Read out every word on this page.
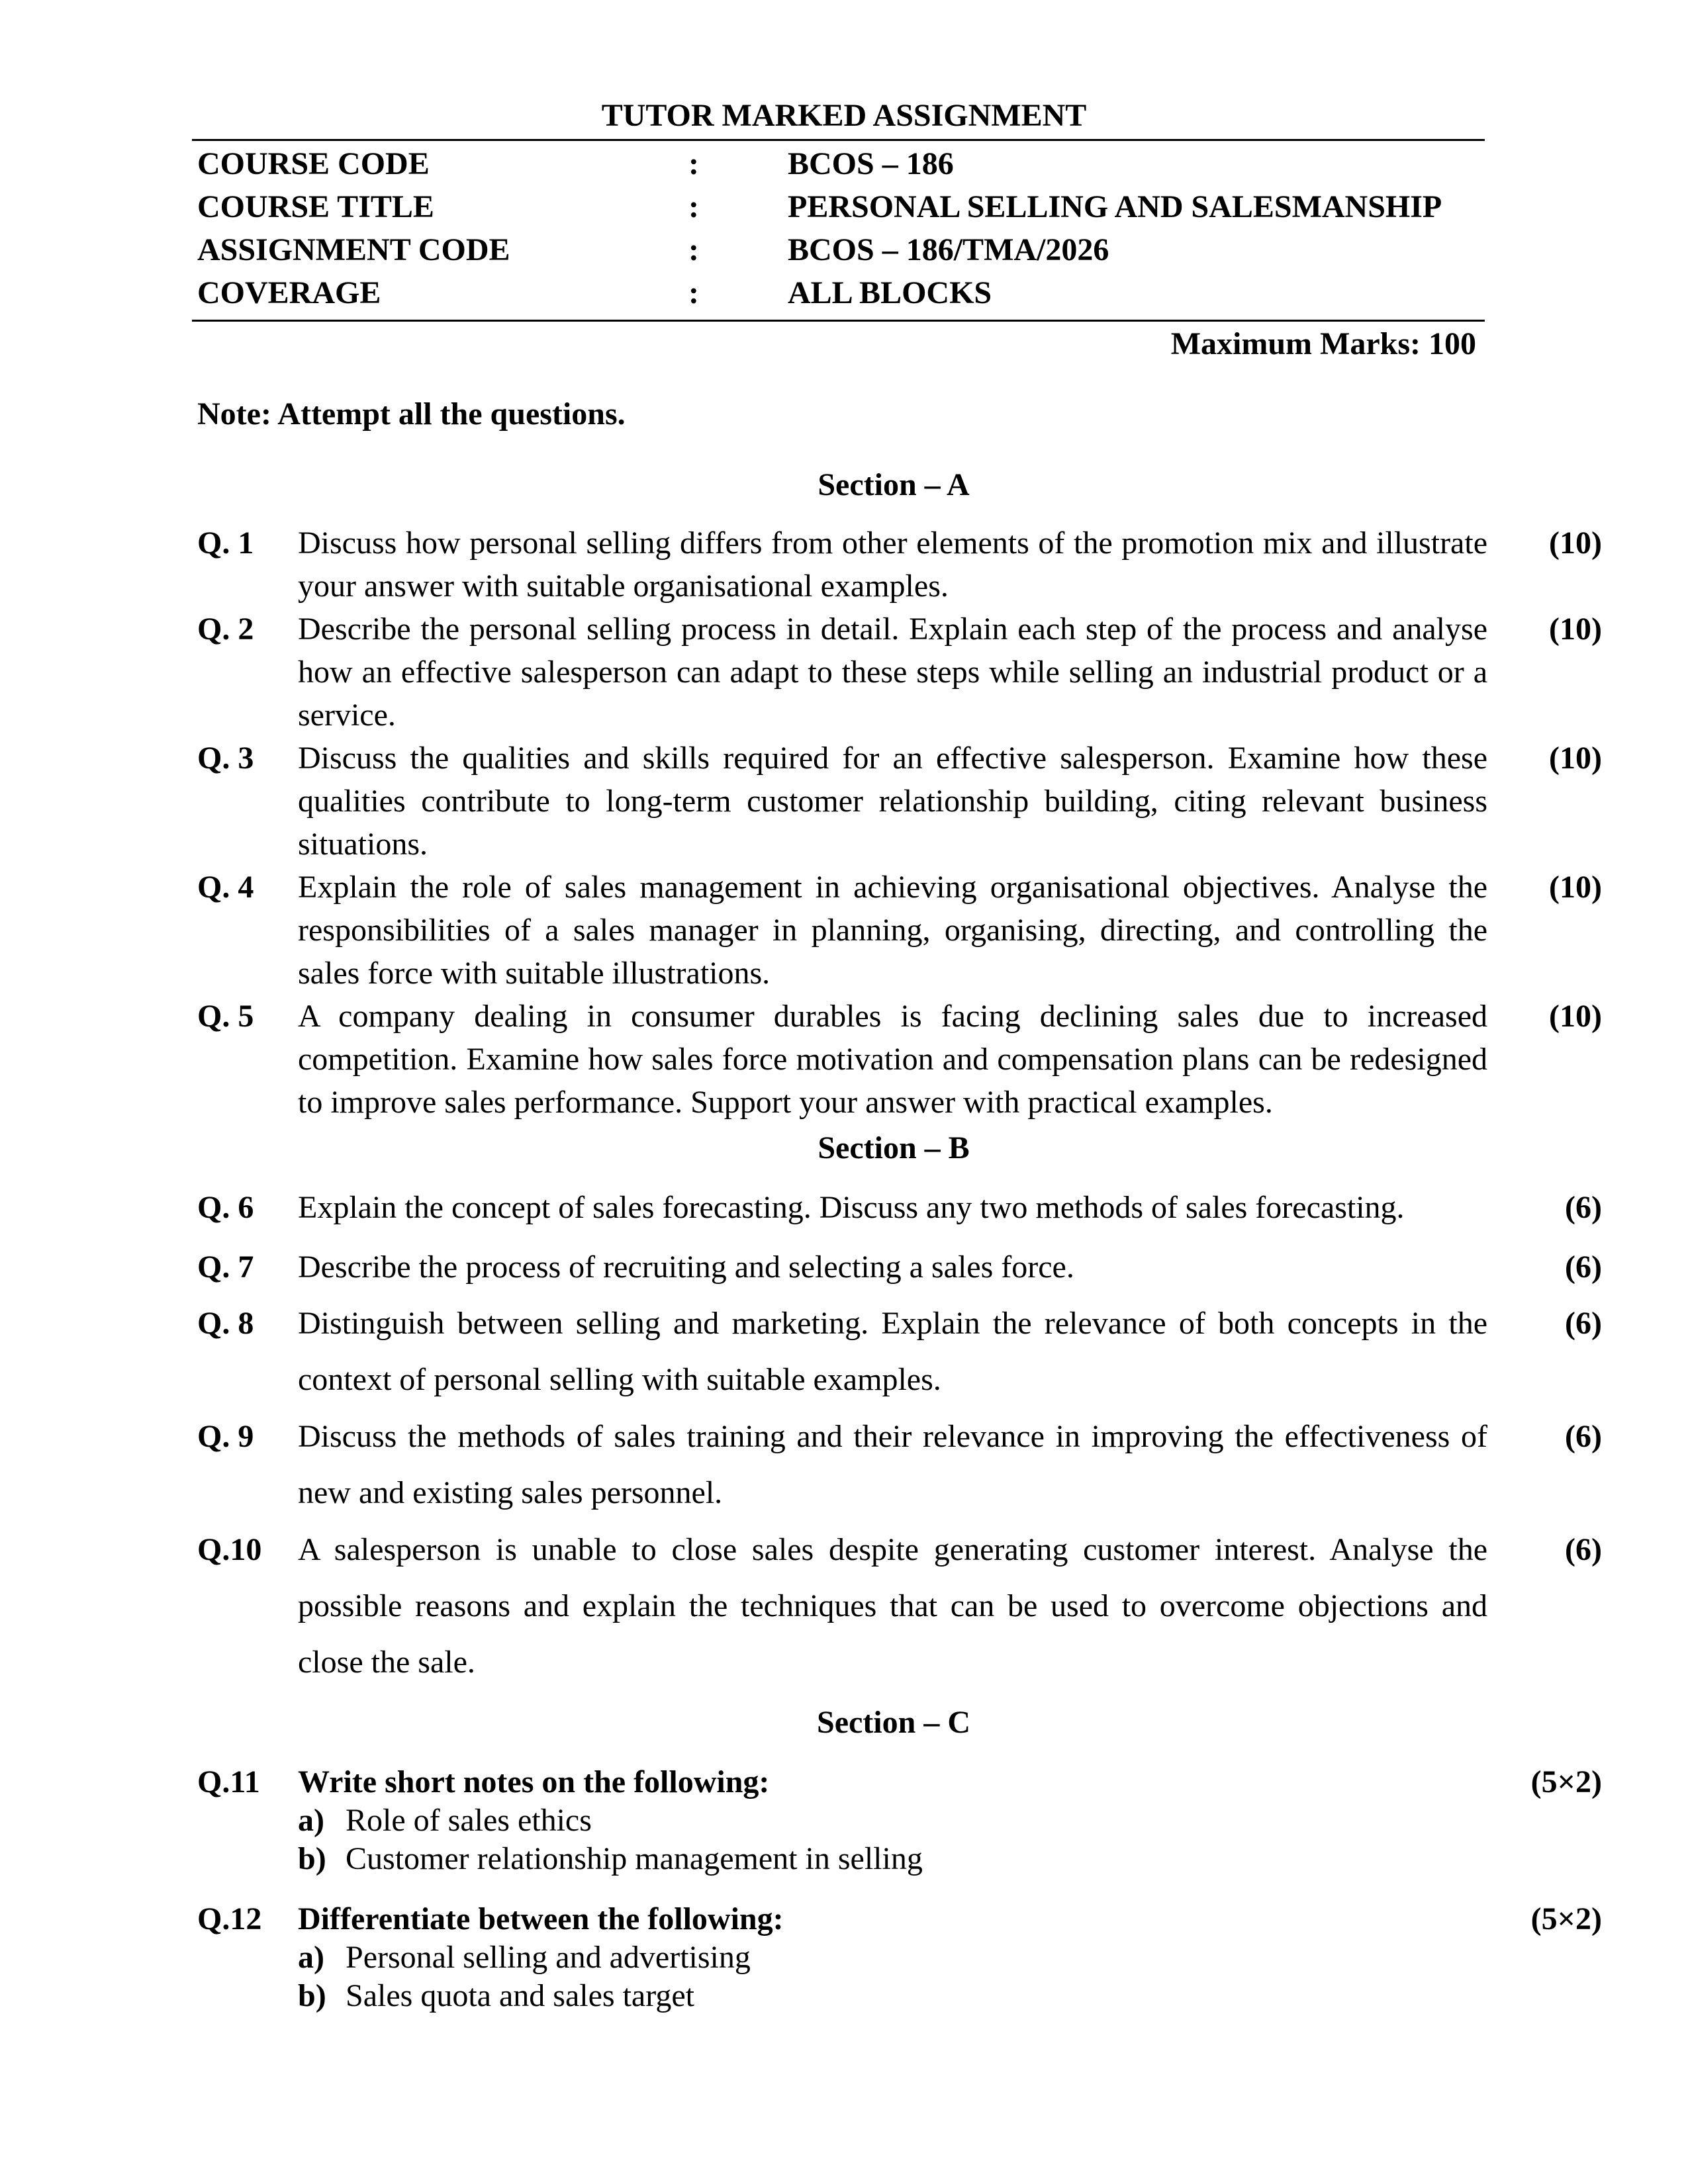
TUTOR MARKED ASSIGNMENT
COURSE CODE	:	BCOS – 186
COURSE TITLE	:	PERSONAL SELLING AND SALESMANSHIP
ASSIGNMENT CODE	:	BCOS – 186/TMA/2026
COVERAGE	:	ALL BLOCKS
Maximum Marks: 100
Note: Attempt all the questions.
Section – A
Q. 1 Discuss how personal selling differs from other elements of the promotion mix and illustrate your answer with suitable organisational examples.
(10)
Q. 2 Describe the personal selling process in detail. Explain each step of the process and analyse how an effective salesperson can adapt to these steps while selling an industrial product or a service.
(10)
Q. 3 Discuss the qualities and skills required for an effective salesperson. Examine how these qualities contribute to long-term customer relationship building, citing relevant business situations.
(10)
Q. 4 Explain the role of sales management in achieving organisational objectives. Analyse the responsibilities of a sales manager in planning, organising, directing, and controlling the sales force with suitable illustrations.
(10)
Q. 5 A company dealing in consumer durables is facing declining sales due to increased competition. Examine how sales force motivation and compensation plans can be redesigned to improve sales performance. Support your answer with practical examples.
(10)
Section – B
Q. 6 Explain the concept of sales forecasting. Discuss any two methods of sales forecasting.	(6)
Q. 7 Describe the process of recruiting and selecting a sales force.	(6)
Q. 8 Distinguish between selling and marketing. Explain the relevance of both concepts in the context of personal selling with suitable examples.
(6)
Q. 9 Discuss the methods of sales training and their relevance in improving the effectiveness of new and existing sales personnel.
(6)
Q.10 A salesperson is unable to close sales despite generating customer interest. Analyse the possible reasons and explain the techniques that can be used to overcome objections and close the sale.
(6)
Section – C
Q.11 Write short notes on the following:	(5×2)
a) Role of sales ethics
b) Customer relationship management in selling
Q.12 Differentiate between the following:	(5×2)
a) Personal selling and advertising
b) Sales quota and sales target
